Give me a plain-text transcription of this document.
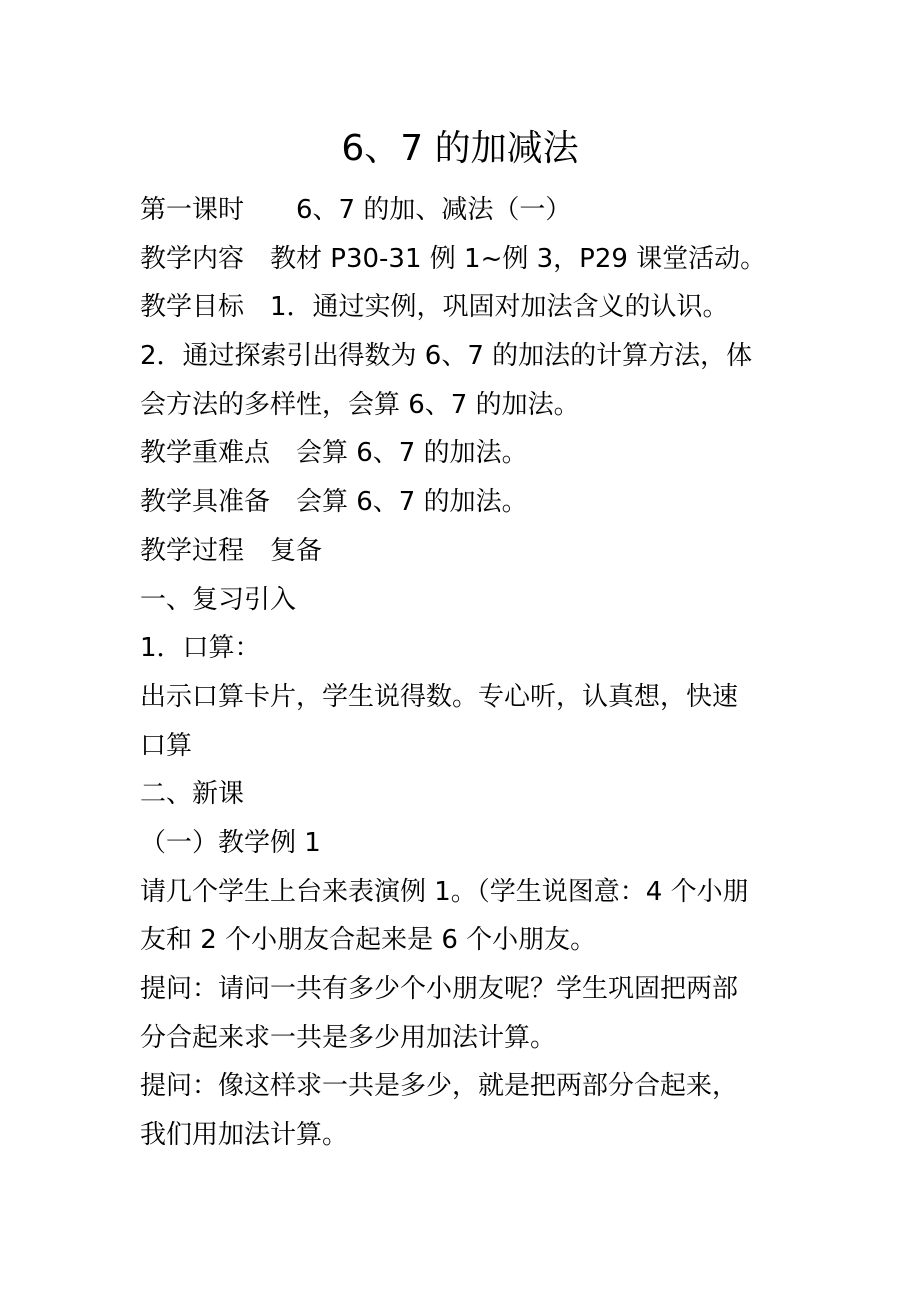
6、7 的加减法
第一课时　　6、7 的加、减法（一）
教学内容　教材 P30-31 例 1~例 3，P29 课堂活动。
教学目标　1．通过实例，巩固对加法含义的认识。
2．通过探索引出得数为 6、7 的加法的计算方法，体
会方法的多样性，会算 6、7 的加法。
教学重难点　会算 6、7 的加法。
教学具准备　会算 6、7 的加法。
教学过程　复备
一、复习引入
1．口算：
出示口算卡片，学生说得数。专心听，认真想，快速
口算
二、新课
（一）教学例 1
请几个学生上台来表演例 1。（学生说图意：4 个小朋
友和 2 个小朋友合起来是 6 个小朋友。
提问：请问一共有多少个小朋友呢？学生巩固把两部
分合起来求一共是多少用加法计算。
提问：像这样求一共是多少，就是把两部分合起来，
我们用加法计算。
